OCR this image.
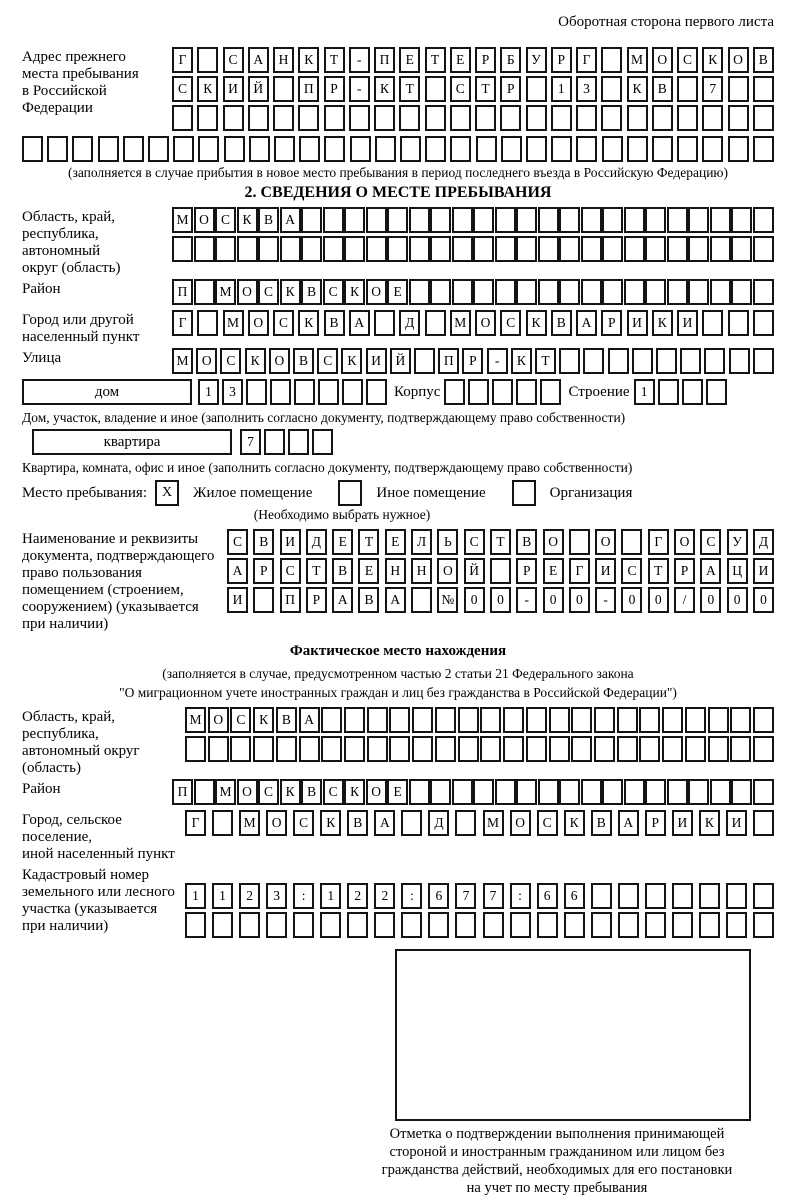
Оборотная сторона первого листа
Адрес прежнего
места пребывания
в Российской
Федерации
Г	С	А	Н	К	Т	-	П	Е	Т	Е	Р	Б	У	Р	Г	М	О	С	К	О	В
С	К	И	Й	П	Р	-	К	Т	С	Т	Р	1	3	К	В	7
(заполняется в случае прибытия в новое место пребывания в период последнего въезда в Российскую Федерацию)
2. СВЕДЕНИЯ О МЕСТЕ ПРЕБЫВАНИЯ
Область, край,
республика,
автономный
округ (область)
М О С К В А
Район	П	М О С К В С К О Е
Город или другой
населенный пункт
Г	М	О	С	К	В	А	Д	М	О	С	К	В	А	Р	И	К	И
Улица	М О	С	К	О	В	С	К	И	Й	П	Р	-	К	Т
дом	1	3	Корпус	Строение 1
Дом, участок, владение и иное (заполнить согласно документу, подтверждающему право собственности)
квартира	7
Квартира, комната, офис и иное (заполнить согласно документу, подтверждающему право собственности)
Место пребывания:	X	Жилое помещение	Иное помещение	Организация
(Необходимо выбрать нужное)
Наименование и реквизиты
документа, подтверждающего
право пользования
помещением (строением,
сооружением) (указывается
при наличии)
С	В	И	Д	Е	Т	Е	Л	Ь	С	Т	В	О	О	Г	О	С	У	Д
А	Р	С	Т	В	Е	Н	Н	О	Й	Р	Е	Г	И	С	Т	Р	А	Ц	И
И	П	Р	А	В	А	№	0	0	-	0	0	-	0	0	/	0	0	0
Фактическое место нахождения
(заполняется в случае, предусмотренном частью 2 статьи 21 Федерального закона
"О миграционном учете иностранных граждан и лиц без гражданства в Российской Федерации")
Область, край,
республика,
автономный округ
(область)
М О С	К	В А
Район	П	М О С К В С К О Е
Город, сельское поселение,
иной населенный пункт
Г	М	О	С	К	В	А	Д	М	О	С	К	В	А	Р	И	К	И
Кадастровый номер
земельного или лесного
участка (указывается
при наличии)
1	1	2	3	:	1	2	2	:	6	7	7	:	6	6
Отметка о подтверждении выполнения принимающей
стороной и иностранным гражданином или лицом без
гражданства действий, необходимых для его постановки
на учет по месту пребывания
